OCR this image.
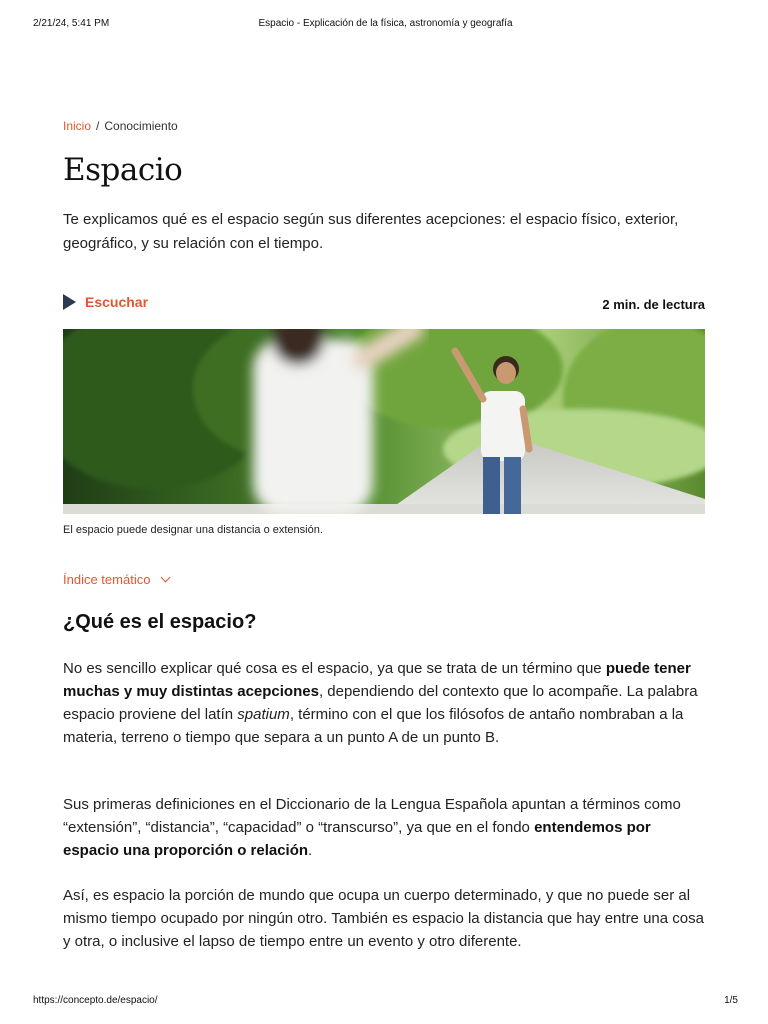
2/21/24, 5:41 PM	Espacio - Explicación de la física, astronomía y geografía
Inicio / Conocimiento
Espacio

Te explicamos qué es el espacio según sus diferentes acepciones: el espacio físico, exterior, geográfico, y su relación con el tiempo.

Escuchar	2 min. de lectura
El espacio puede designar una distancia o extensión.
Índice temático
¿Qué es el espacio?

No es sencillo explicar qué cosa es el espacio, ya que se trata de un término que puede tener muchas y muy distintas acepciones, dependiendo del contexto que lo acompañe. La palabra espacio proviene del latín spatium, término con el que los filósofos de antaño nombraban a la materia, terreno o tiempo que separa a un punto A de un punto B.

Sus primeras definiciones en el Diccionario de la Lengua Española apuntan a términos como “extensión”, “distancia”, “capacidad” o “transcurso”, ya que en el fondo entendemos por espacio una proporción o relación.

Así, es espacio la porción de mundo que ocupa un cuerpo determinado, y que no puede ser al mismo tiempo ocupado por ningún otro. También es espacio la distancia que hay entre una cosa y otra, o inclusive el lapso de tiempo entre un evento y otro diferente.

https://concepto.de/espacio/	1/5
